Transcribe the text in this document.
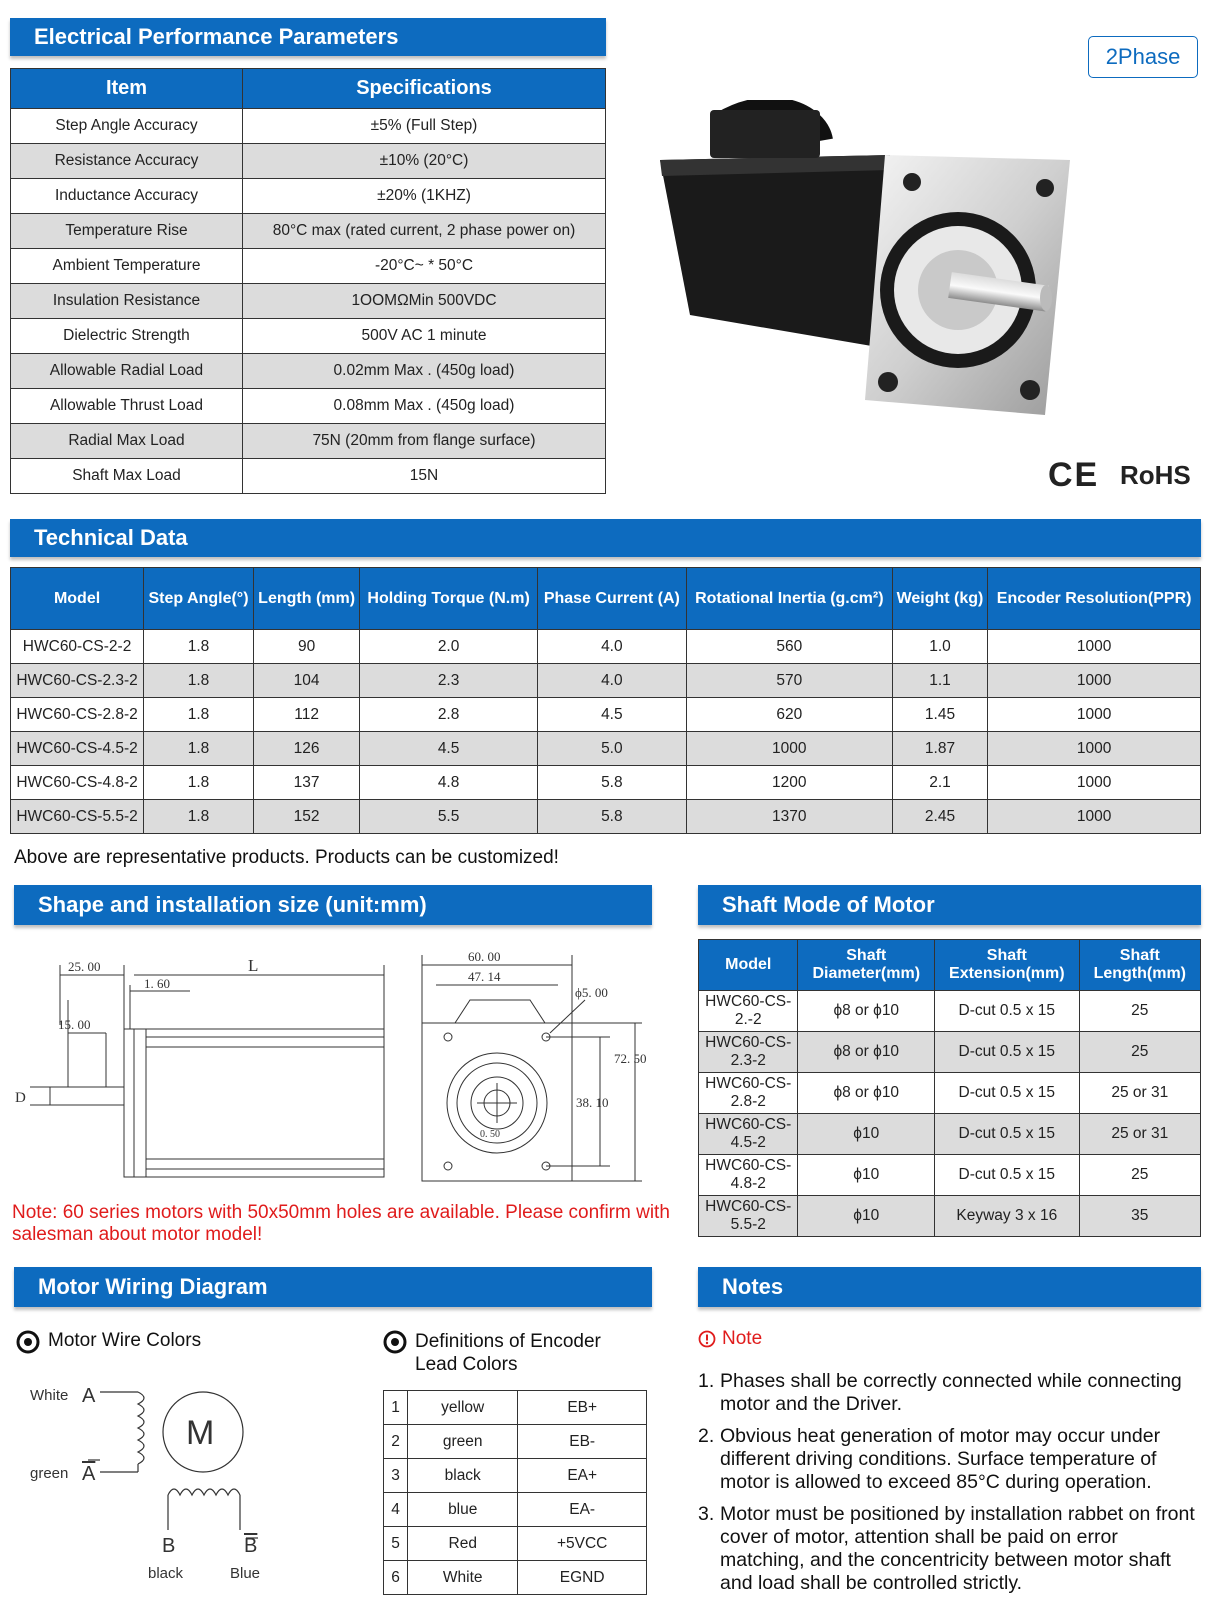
Electrical Performance Parameters
Item	Specifications
Step Angle Accuracy	±5% (Full Step)
Resistance Accuracy	±10% (20°C)
Inductance Accuracy	±20% (1KHZ)
Temperature Rise	80°C max (rated current, 2 phase power on)
Ambient Temperature	-20°C~ * 50°C
Insulation Resistance	1OOMΩMin 500VDC
Dielectric Strength	500V AC 1 minute
Allowable Radial Load	0.02mm Max . (450g load)
Allowable Thrust Load	0.08mm Max . (450g load)
Radial Max Load	75N (20mm from flange surface)
Shaft Max Load	15N
2Phase
CE RoHS
Technical Data
Model	Step Angle(°)	Length (mm)	Holding Torque (N.m)	Phase Current (A)	Rotational Inertia (g.cm²)	Weight (kg)	Encoder Resolution(PPR)
HWC60-CS-2-2	1.8	90	2.0	4.0	560	1.0	1000
HWC60-CS-2.3-2	1.8	104	2.3	4.0	570	1.1	1000
HWC60-CS-2.8-2	1.8	112	2.8	4.5	620	1.45	1000
HWC60-CS-4.5-2	1.8	126	4.5	5.0	1000	1.87	1000
HWC60-CS-4.8-2	1.8	137	4.8	5.8	1200	2.1	1000
HWC60-CS-5.5-2	1.8	152	5.5	5.8	1370	2.45	1000
Above are representative products. Products can be customized!
Shape and installation size (unit:mm)
25. 00	L
1. 60
15. 00
D
60. 00
47. 14
ϕ5. 00
72. 50
38. 10
0. 50
Note: 60 series motors with 50x50mm holes are available. Please confirm with salesman about motor model!
Shaft Mode of Motor
Model	Shaft Diameter(mm)	Shaft Extension(mm)	Shaft Length(mm)
HWC60-CS-2.-2	ϕ8 or ϕ10	D-cut 0.5 x 15	25
HWC60-CS-2.3-2	ϕ8 or ϕ10	D-cut 0.5 x 15	25
HWC60-CS-2.8-2	ϕ8 or ϕ10	D-cut 0.5 x 15	25 or 31
HWC60-CS-4.5-2	ϕ10	D-cut 0.5 x 15	25 or 31
HWC60-CS-4.8-2	ϕ10	D-cut 0.5 x 15	25
HWC60-CS-5.5-2	ϕ10	Keyway 3 x 16	35
Motor Wiring Diagram
Motor Wire Colors
White A
green A
M
B	B
black	Blue
Definitions of Encoder
Lead Colors
1	yellow	EB+
2	green	EB-
3	black	EA+
4	blue	EA-
5	Red	+5VCC
6	White	EGND
Notes
Note
1. Phases shall be correctly connected while connecting motor and the Driver.
2. Obvious heat generation of motor may occur under different driving conditions. Surface temperature of motor is allowed to exceed 85°C during operation.
3. Motor must be positioned by installation rabbet on front cover of motor, attention shall be paid on error matching, and the concentricity between motor shaft and load shall be controlled strictly.
